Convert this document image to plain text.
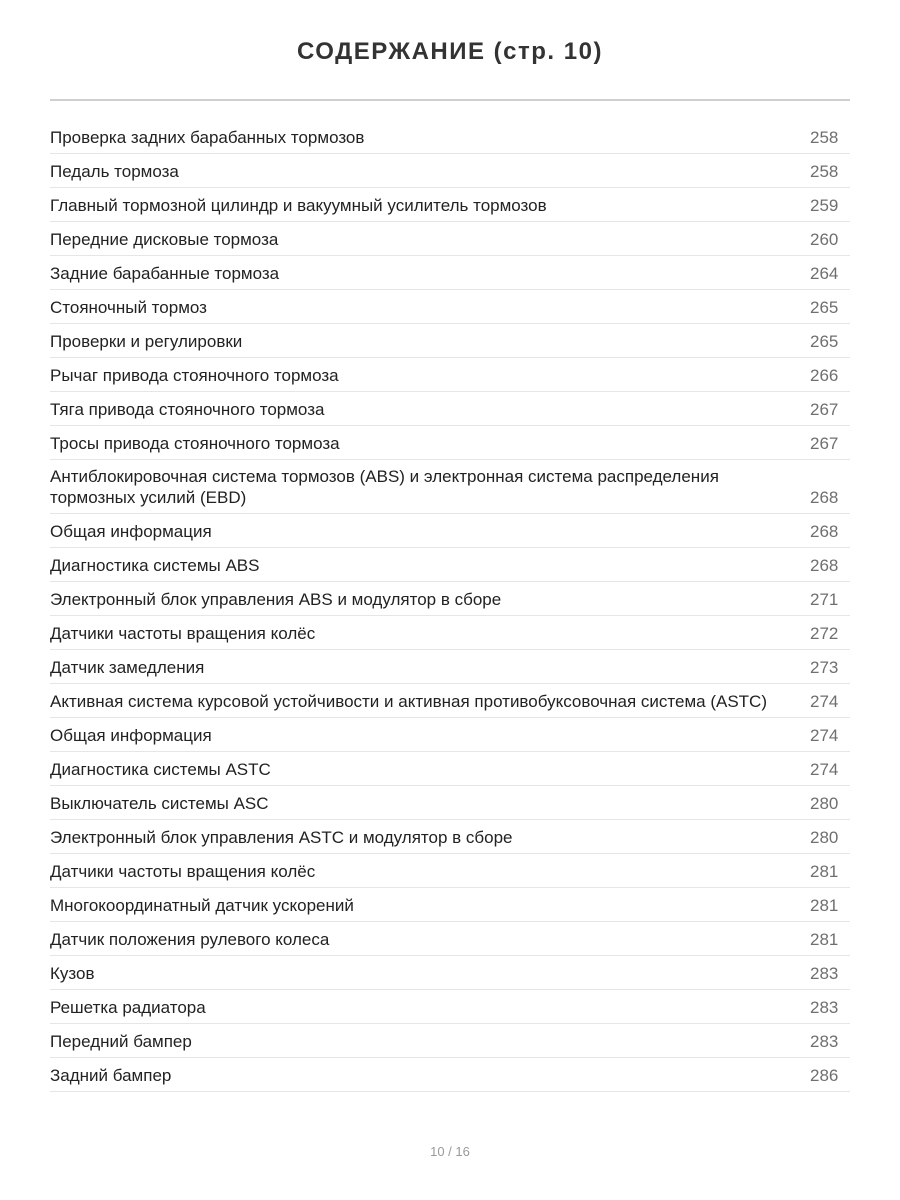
СОДЕРЖАНИЕ (стр. 10)
Проверка задних барабанных тормозов	258
Педаль тормоза	258
Главный тормозной цилиндр и вакуумный усилитель тормозов	259
Передние дисковые тормоза	260
Задние барабанные тормоза	264
Стояночный тормоз	265
Проверки и регулировки	265
Рычаг привода стояночного тормоза	266
Тяга привода стояночного тормоза	267
Тросы привода стояночного тормоза	267
Антиблокировочная система тормозов (ABS) и электронная система распределения тормозных усилий (EBD)	268
Общая информация	268
Диагностика системы ABS	268
Электронный блок управления ABS и модулятор в сборе	271
Датчики частоты вращения колёс	272
Датчик замедления	273
Активная система курсовой устойчивости и активная противобуксовочная система (ASTC)	274
Общая информация	274
Диагностика системы ASTC	274
Выключатель системы ASC	280
Электронный блок управления ASTC и модулятор в сборе	280
Датчики частоты вращения колёс	281
Многокоординатный датчик ускорений	281
Датчик положения рулевого колеса	281
Кузов	283
Решетка радиатора	283
Передний бампер	283
Задний бампер	286
10 / 16
